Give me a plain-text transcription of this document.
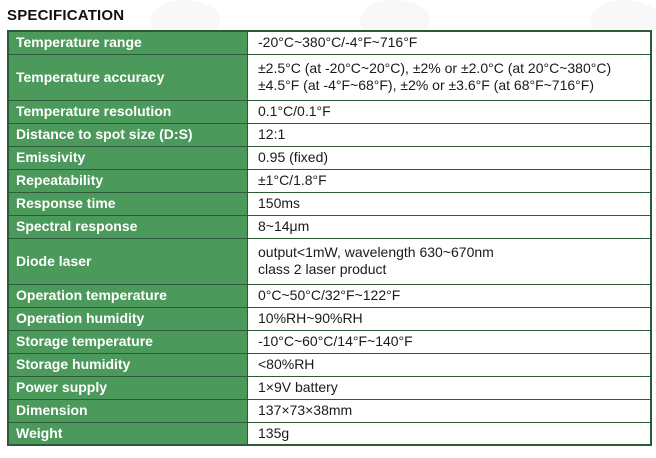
SPECIFICATION
Temperature range	-20°C~380°C/-4°F~716°F

Temperature accuracy	±2.5°C (at -20°C~20°C), ±2% or ±2.0°C (at 20°C~380°C)
±4.5°F (at -4°F~68°F), ±2% or ±3.6°F (at 68°F~716°F)

Temperature resolution	0.1°C/0.1°F

Distance to spot size (D:S)	12:1

Emissivity	0.95 (fixed)

Repeatability	±1°C/1.8°F

Response time	150ms

Spectral response	8~14μm

Diode laser	output<1mW, wavelength 630~670nm
class 2 laser product

Operation temperature	0°C~50°C/32°F~122°F

Operation humidity	10%RH~90%RH

Storage temperature	-10°C~60°C/14°F~140°F

Storage humidity	<80%RH

Power supply	1×9V battery

Dimension	137×73×38mm

Weight	135g
